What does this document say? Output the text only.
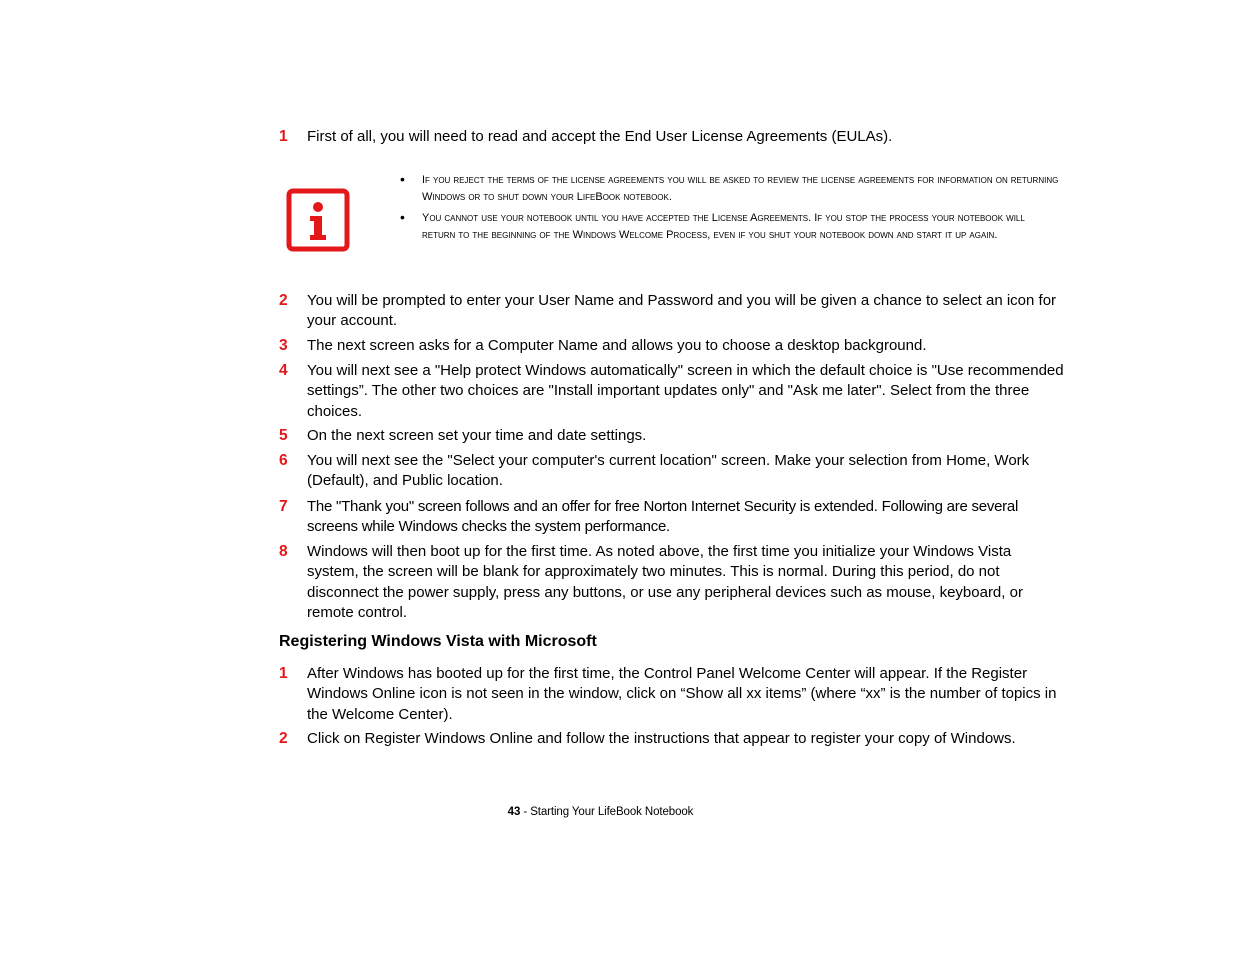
1 First of all, you will need to read and accept the End User License Agreements (EULAs).
• If you reject the terms of the license agreements you will be asked to review the license agreements for information on returning Windows or to shut down your LifeBook notebook.
• You cannot use your notebook until you have accepted the License Agreements. If you stop the process your notebook will return to the beginning of the Windows Welcome Process, even if you shut your notebook down and start it up again.
2 You will be prompted to enter your User Name and Password and you will be given a chance to select an icon for your account.
3 The next screen asks for a Computer Name and allows you to choose a desktop background.
4 You will next see a "Help protect Windows automatically" screen in which the default choice is "Use recommended settings”. The other two choices are "Install important updates only" and "Ask me later". Select from the three choices.
5 On the next screen set your time and date settings.
6 You will next see the "Select your computer's current location" screen. Make your selection from Home, Work (Default), and Public location.
7 The "Thank you" screen follows and an offer for free Norton Internet Security is extended. Following are several screens while Windows checks the system performance.
8 Windows will then boot up for the first time. As noted above, the first time you initialize your Windows Vista system, the screen will be blank for approximately two minutes. This is normal. During this period, do not disconnect the power supply, press any buttons, or use any peripheral devices such as mouse, keyboard, or remote control.
Registering Windows Vista with Microsoft
1 After Windows has booted up for the first time, the Control Panel Welcome Center will appear. If the Register Windows Online icon is not seen in the window, click on “Show all xx items” (where “xx” is the number of topics in the Welcome Center).
2 Click on Register Windows Online and follow the instructions that appear to register your copy of Windows.
43 - Starting Your LifeBook Notebook
